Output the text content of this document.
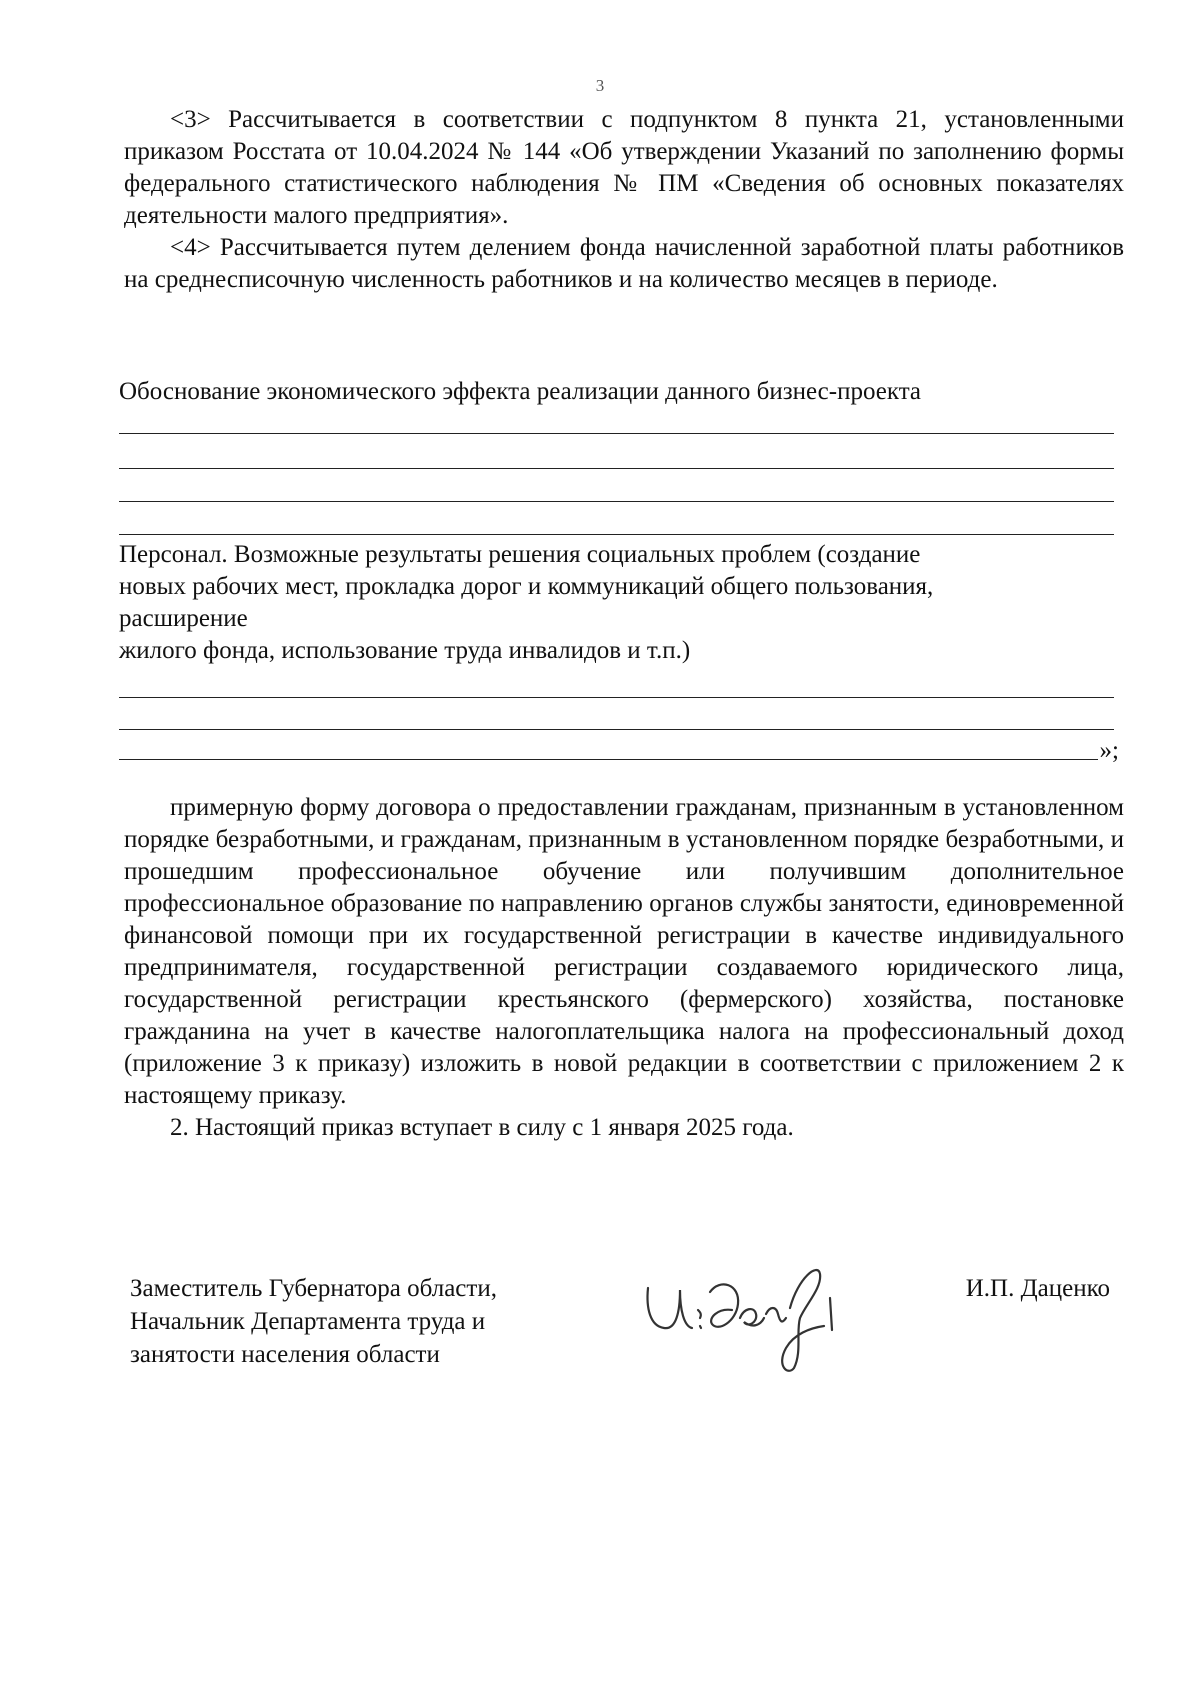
3

<3> Рассчитывается в соответствии с подпунктом 8 пункта 21, установленными приказом Росстата от 10.04.2024 № 144 «Об утверждении Указаний по заполнению формы федерального статистического наблюдения № ПМ «Сведения об основных показателях деятельности малого предприятия».

<4> Рассчитывается путем делением фонда начисленной заработной платы работников на среднесписочную численность работников и на количество месяцев в периоде.

Обоснование экономического эффекта реализации данного бизнес-проекта

Персонал. Возможные результаты решения социальных проблем (создание

новых рабочих мест, прокладка дорог и коммуникаций общего пользования,

расширение

жилого фонда, использование труда инвалидов и т.п.)

»;

примерную форму договора о предоставлении гражданам, признанным в установленном порядке безработными, и гражданам, признанным в установленном порядке безработными, и прошедшим профессиональное обучение или получившим дополнительное профессиональное образование по направлению органов службы занятости, единовременной финансовой помощи при их государственной регистрации в качестве индивидуального предпринимателя, государственной регистрации создаваемого юридического лица, государственной регистрации крестьянского (фермерского) хозяйства, постановке гражданина на учет в качестве налогоплательщика налога на профессиональный доход (приложение 3 к приказу) изложить в новой редакции в соответствии с приложением 2 к настоящему приказу.

2. Настоящий приказ вступает в силу с 1 января 2025 года.

Заместитель Губернатора области,

Начальник Департамента труда и

занятости населения области

И.П. Даценко
